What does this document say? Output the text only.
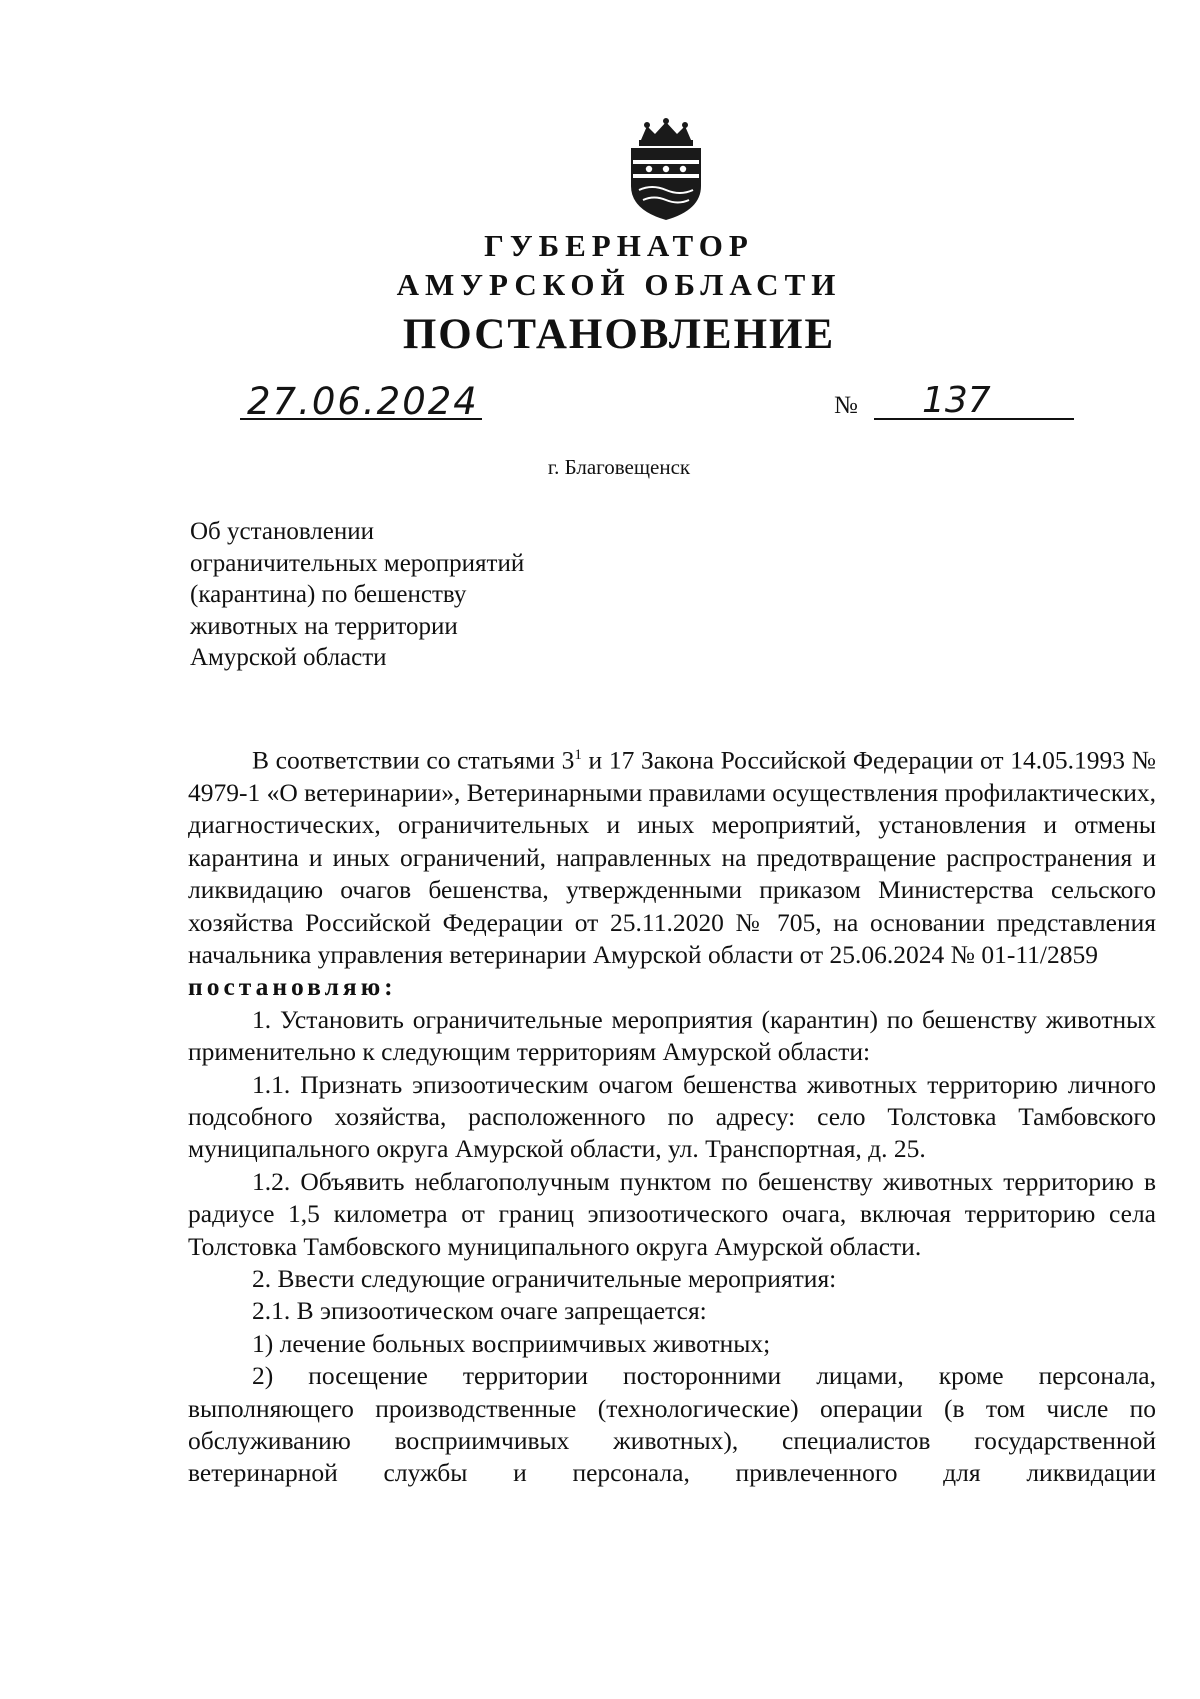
ГУБЕРНАТОР
АМУРСКОЙ ОБЛАСТИ
ПОСТАНОВЛЕНИЕ
27.06.2024	№ 137
г. Благовещенск
Об установлении
ограничительных мероприятий
(карантина) по бешенству
животных на территории
Амурской области

В соответствии со статьями $3^1$ и 17 Закона Российской Федерации от 14.05.1993 № 4979-1 «О ветеринарии», Ветеринарными правилами осуществления профилактических, диагностических, ограничительных и иных мероприятий, установления и отмены карантина и иных ограничений, направленных на предотвращение распространения и ликвидацию очагов бешенства, утвержденными приказом Министерства сельского хозяйства Российской Федерации от 25.11.2020 № 705, на основании представления начальника управления ветеринарии Амурской области от 25.06.2024 № 01-11/2859

постановляю:

1. Установить ограничительные мероприятия (карантин) по бешенству животных применительно к следующим территориям Амурской области:

1.1. Признать эпизоотическим очагом бешенства животных территорию личного подсобного хозяйства, расположенного по адресу: село Толстовка Тамбовского муниципального округа Амурской области, ул. Транспортная, д. 25.

1.2. Объявить неблагополучным пунктом по бешенству животных территорию в радиусе 1,5 километра от границ эпизоотического очага, включая территорию села Толстовка Тамбовского муниципального округа Амурской области.

2. Ввести следующие ограничительные мероприятия:

2.1. В эпизоотическом очаге запрещается:

1) лечение больных восприимчивых животных;

2) посещение территории посторонними лицами, кроме персонала, выполняющего производственные (технологические) операции (в том числе по обслуживанию восприимчивых животных), специалистов государственной ветеринарной службы и персонала, привлеченного для ликвидации
